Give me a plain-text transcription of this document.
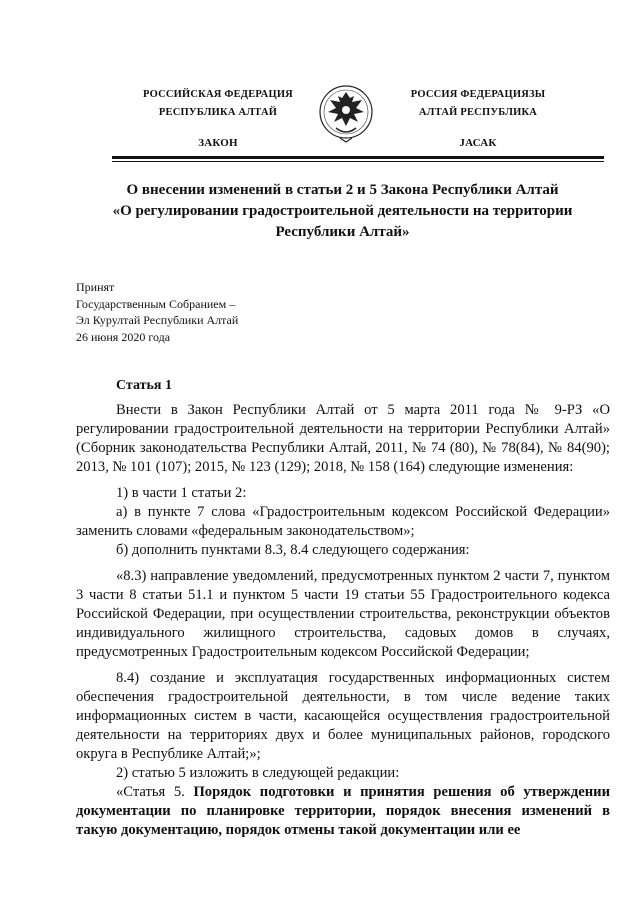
РОССИЙСКАЯ ФЕДЕРАЦИЯ
РЕСПУБЛИКА АЛТАЙ
ЗАКОН
РОССИЯ ФЕДЕРАЦИЯЗЫ
АЛТАЙ РЕСПУБЛИКА
ЈАСАК
О внесении изменений в статьи 2 и 5 Закона Республики Алтай
«О регулировании градостроительной деятельности на территории
Республики Алтай»
Принят
Государственным Собранием –
Эл Курултай Республики Алтай
26 июня 2020 года
Статья 1

Внести в Закон Республики Алтай от 5 марта 2011 года № 9-РЗ «О регулировании градостроительной деятельности на территории Республики Алтай» (Сборник законодательства Республики Алтай, 2011, № 74 (80), № 78(84), № 84(90); 2013, № 101 (107); 2015, № 123 (129); 2018, № 158 (164) следующие изменения:

1) в части 1 статьи 2:

а) в пункте 7 слова «Градостроительным кодексом Российской Федерации» заменить словами «федеральным законодательством»;

б) дополнить пунктами 8.3, 8.4 следующего содержания:

«8.3) направление уведомлений, предусмотренных пунктом 2 части 7, пунктом 3 части 8 статьи 51.1 и пунктом 5 части 19 статьи 55 Градостроительного кодекса Российской Федерации, при осуществлении строительства, реконструкции объектов индивидуального жилищного строительства, садовых домов в случаях, предусмотренных Градостроительным кодексом Российской Федерации;

8.4) создание и эксплуатация государственных информационных систем обеспечения градостроительной деятельности, в том числе ведение таких информационных систем в части, касающейся осуществления градостроительной деятельности на территориях двух и более муниципальных районов, городского округа в Республике Алтай;»;

2) статью 5 изложить в следующей редакции:

«Статья 5. Порядок подготовки и принятия решения об утверждении документации по планировке территории, порядок внесения изменений в такую документацию, порядок отмены такой документации или ее
